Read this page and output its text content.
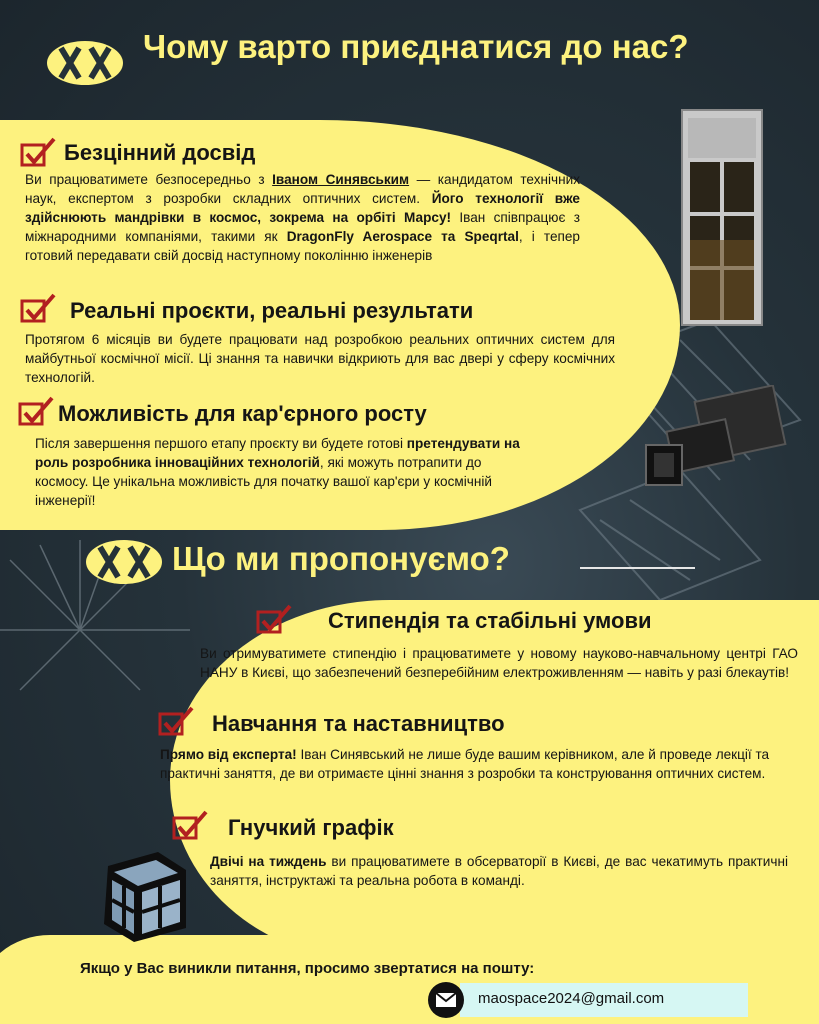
Чому варто приєднатися до нас?
Безцінний досвід
Ви працюватимете безпосередньо з Іваном Синявським — кандидатом технічних наук, експертом з розробки складних оптичних систем. Його технології вже здійснюють мандрівки в космос, зокрема на орбіті Марсу! Іван співпрацює з міжнародними компаніями, такими як DragonFly Aerospace та Speqrtal, і тепер готовий передавати свій досвід наступному поколінню інженерів
Реальні проєкти, реальні результати
Протягом 6 місяців ви будете працювати над розробкою реальних оптичних систем для майбутньої космічної місії. Ці знання та навички відкриють для вас двері у сферу космічних технологій.
Можливість для кар'єрного росту
Після завершення першого етапу проєкту ви будете готові претендувати на роль розробника інноваційних технологій, які можуть потрапити до космосу. Це унікальна можливість для початку вашої кар'єри у космічній інженерії!
Що ми пропонуємо?
Стипендія та стабільні умови
Ви отримуватимете стипендію і працюватимете у новому науково-навчальному центрі ГАО НАНУ в Києві, що забезпечений безперебійним електроживленням — навіть у разі блекаутів!
Навчання та наставництво
Прямо від експерта! Іван Синявський не лише буде вашим керівником, але й проведе лекції та практичні заняття, де ви отримаєте цінні знання з розробки та конструювання оптичних систем.
Гнучкий графік
Двічі на тиждень ви працюватимете в обсерваторії в Києві, де вас чекатимуть практичні заняття, інструктажі та реальна робота в команді.
Якщо у Вас виникли питання, просимо звертатися на пошту:
maospace2024@gmail.com
